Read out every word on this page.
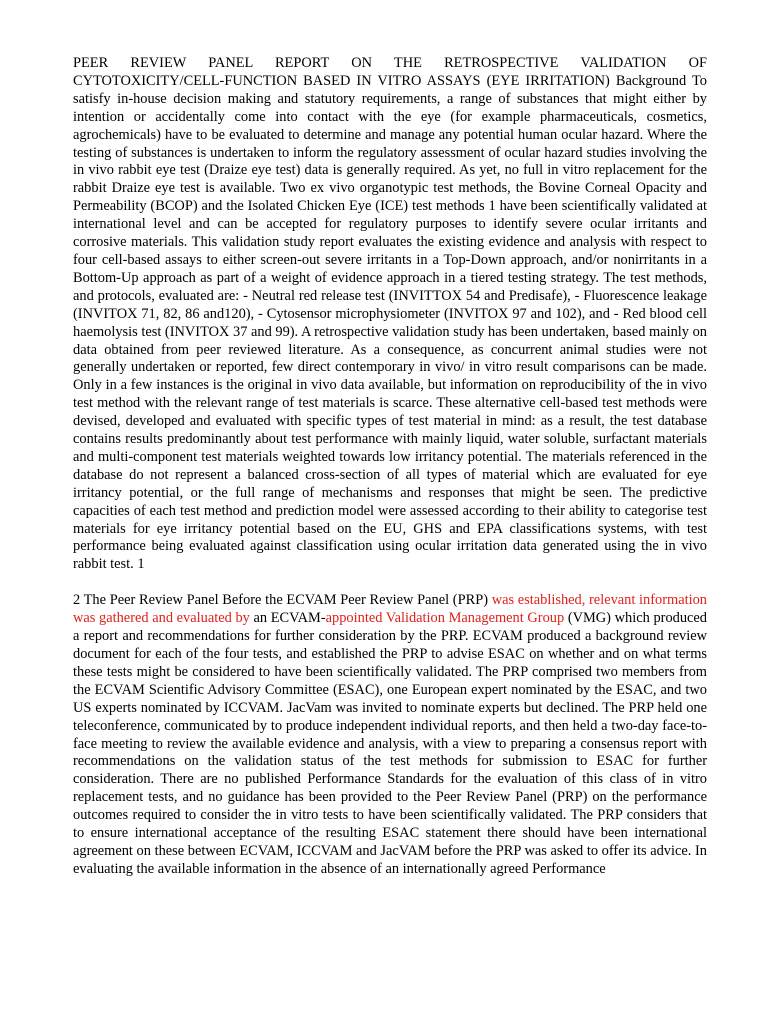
PEER REVIEW PANEL REPORT ON THE RETROSPECTIVE VALIDATION OF CYTOTOXICITY/CELL-FUNCTION BASED IN VITRO ASSAYS (EYE IRRITATION) Background To satisfy in-house decision making and statutory requirements, a range of substances that might either by intention or accidentally come into contact with the eye (for example pharmaceuticals, cosmetics, agrochemicals) have to be evaluated to determine and manage any potential human ocular hazard. Where the testing of substances is undertaken to inform the regulatory assessment of ocular hazard studies involving the in vivo rabbit eye test (Draize eye test) data is generally required. As yet, no full in vitro replacement for the rabbit Draize eye test is available. Two ex vivo organotypic test methods, the Bovine Corneal Opacity and Permeability (BCOP) and the Isolated Chicken Eye (ICE) test methods 1 have been scientifically validated at international level and can be accepted for regulatory purposes to identify severe ocular irritants and corrosive materials. This validation study report evaluates the existing evidence and analysis with respect to four cell-based assays to either screen-out severe irritants in a Top-Down approach, and/or nonirritants in a Bottom-Up approach as part of a weight of evidence approach in a tiered testing strategy. The test methods, and protocols, evaluated are: - Neutral red release test (INVITTOX 54 and Predisafe), - Fluorescence leakage (INVITOX 71, 82, 86 and120), - Cytosensor microphysiometer (INVITOX 97 and 102), and - Red blood cell haemolysis test (INVITOX 37 and 99). A retrospective validation study has been undertaken, based mainly on data obtained from peer reviewed literature. As a consequence, as concurrent animal studies were not generally undertaken or reported, few direct contemporary in vivo/ in vitro result comparisons can be made. Only in a few instances is the original in vivo data available, but information on reproducibility of the in vivo test method with the relevant range of test materials is scarce. These alternative cell-based test methods were devised, developed and evaluated with specific types of test material in mind: as a result, the test database contains results predominantly about test performance with mainly liquid, water soluble, surfactant materials and multi-component test materials weighted towards low irritancy potential. The materials referenced in the database do not represent a balanced cross-section of all types of material which are evaluated for eye irritancy potential, or the full range of mechanisms and responses that might be seen. The predictive capacities of each test method and prediction model were assessed according to their ability to categorise test materials for eye irritancy potential based on the EU, GHS and EPA classifications systems, with test performance being evaluated against classification using ocular irritation data generated using the in vivo rabbit test. 1

2 The Peer Review Panel Before the ECVAM Peer Review Panel (PRP) was established, relevant information was gathered and evaluated by an ECVAM-appointed Validation Management Group (VMG) which produced a report and recommendations for further consideration by the PRP. ECVAM produced a background review document for each of the four tests, and established the PRP to advise ESAC on whether and on what terms these tests might be considered to have been scientifically validated. The PRP comprised two members from the ECVAM Scientific Advisory Committee (ESAC), one European expert nominated by the ESAC, and two US experts nominated by ICCVAM. JacVam was invited to nominate experts but declined. The PRP held one teleconference, communicated by to produce independent individual reports, and then held a two-day face-to-face meeting to review the available evidence and analysis, with a view to preparing a consensus report with recommendations on the validation status of the test methods for submission to ESAC for further consideration. There are no published Performance Standards for the evaluation of this class of in vitro replacement tests, and no guidance has been provided to the Peer Review Panel (PRP) on the performance outcomes required to consider the in vitro tests to have been scientifically validated. The PRP considers that to ensure international acceptance of the resulting ESAC statement there should have been international agreement on these between ECVAM, ICCVAM and JacVAM before the PRP was asked to offer its advice. In evaluating the available information in the absence of an internationally agreed Performance
